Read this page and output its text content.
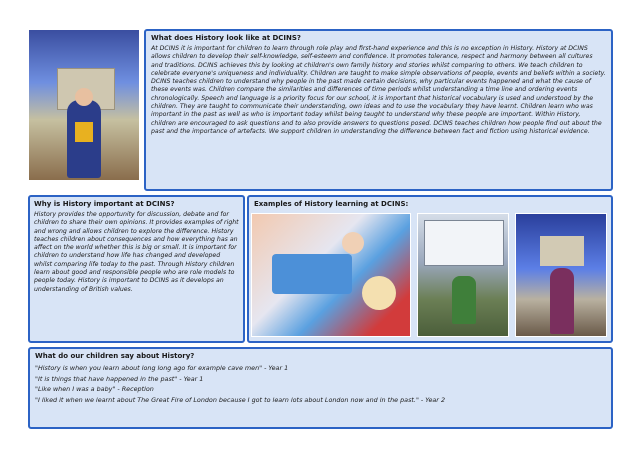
What does History look like at DCINS?

At DCINS it is important for children to learn through role play and first-hand experience and this is no exception in History. History at DCINS allows children to develop their self-knowledge, self-esteem and confidence. It promotes tolerance, respect and harmony between all cultures and traditions. DCINS achieves this by looking at children's own family history and stories whilst comparing to others. We teach children to celebrate everyone's uniqueness and individuality. Children are taught to make simple observations of people, events and beliefs within a society. DCINS teaches children to understand why people in the past made certain decisions, why particular events happened and what the cause of these events was. Children compare the similarities and differences of time periods whilst understanding a time line and ordering events chronologically. Speech and language is a priority focus for our school, it is important that historical vocabulary is used and understood by the children. They are taught to communicate their understanding, own ideas and to use the vocabulary they have learnt. Children learn who was important in the past as well as who is important today whilst being taught to understand why these people are important. Within History, children are encouraged to ask questions and to also provide answers to questions posed. DCINS teaches children how people find out about the past and the importance of artefacts. We support children in understanding the difference between fact and fiction using historical evidence.

Why is History important at DCINS?

History provides the opportunity for discussion, debate and for children to share their own opinions. It provides examples of right and wrong and allows children to explore the difference. History teaches children about consequences and how everything has an affect on the world whether this is big or small. It is important for children to understand how life has changed and developed whilst comparing life today to the past. Through History children learn about good and responsible people who are role models to people today. History is important to DCINS as it develops an understanding of British values.

Examples of History learning at DCINS:

What do our children say about History?

"History is when you learn about long long ago for example cave men" - Year 1

"It is things that have happened in the past" - Year 1

"Like when I was a baby" - Reception

"I liked it when we learnt about The Great Fire of London because I got to learn lots about London now and in the past." - Year 2
